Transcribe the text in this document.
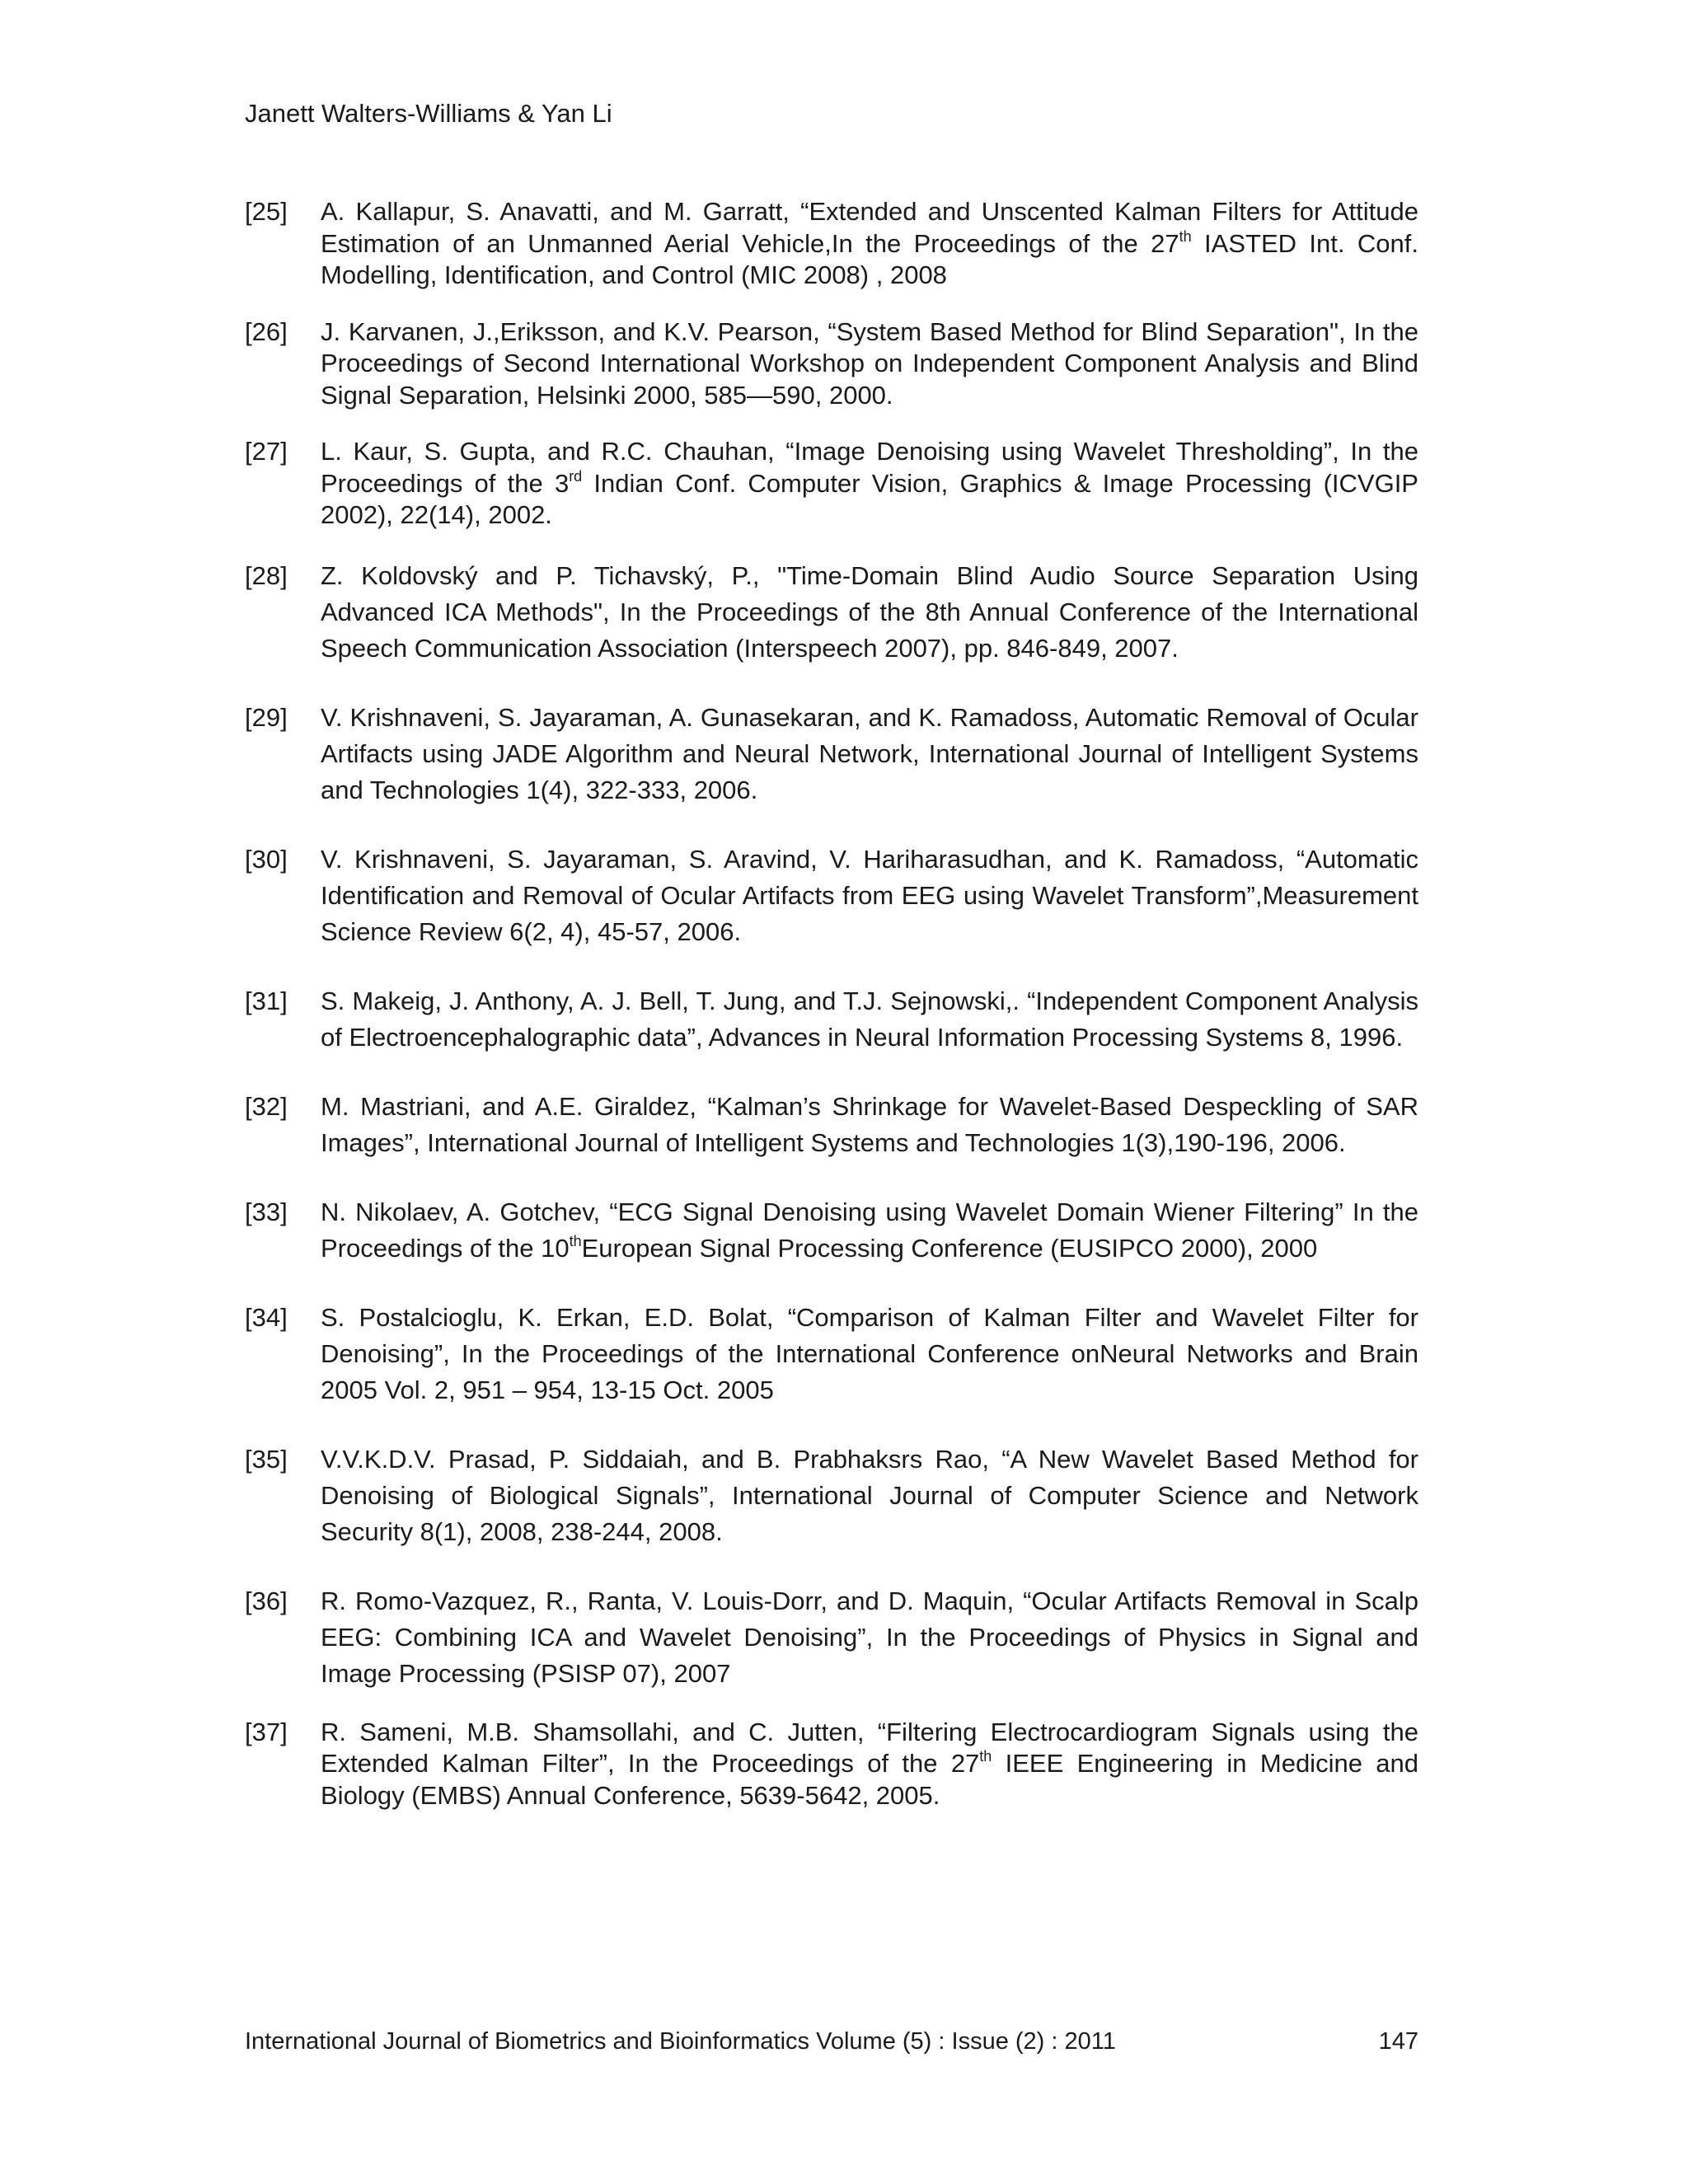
Janett Walters-Williams & Yan Li
[25] A. Kallapur, S. Anavatti, and M. Garratt, “Extended and Unscented Kalman Filters for Attitude Estimation of an Unmanned Aerial Vehicle,In the Proceedings of the 27th IASTED Int. Conf. Modelling, Identification, and Control (MIC 2008) , 2008
[26] J. Karvanen, J.,Eriksson, and K.V. Pearson, “System Based Method for Blind Separation", In the Proceedings of Second International Workshop on Independent Component Analysis and Blind Signal Separation, Helsinki 2000, 585—590, 2000.
[27] L. Kaur, S. Gupta, and R.C. Chauhan, “Image Denoising using Wavelet Thresholding”, In the Proceedings of the 3rd Indian Conf. Computer Vision, Graphics & Image Processing (ICVGIP 2002), 22(14), 2002.
[28] Z. Koldovský and P. Tichavský, P., "Time-Domain Blind Audio Source Separation Using Advanced ICA Methods", In the Proceedings of the 8th Annual Conference of the International Speech Communication Association (Interspeech 2007), pp. 846-849, 2007.
[29] V. Krishnaveni, S. Jayaraman, A. Gunasekaran, and K. Ramadoss, Automatic Removal of Ocular Artifacts using JADE Algorithm and Neural Network, International Journal of Intelligent Systems and Technologies 1(4), 322-333, 2006.
[30] V. Krishnaveni, S. Jayaraman, S. Aravind, V. Hariharasudhan, and K. Ramadoss, “Automatic Identification and Removal of Ocular Artifacts from EEG using Wavelet Transform”,Measurement Science Review 6(2, 4), 45-57, 2006.
[31] S. Makeig, J. Anthony, A. J. Bell, T. Jung, and T.J. Sejnowski,. “Independent Component Analysis of Electroencephalographic data”, Advances in Neural Information Processing Systems 8, 1996.
[32] M. Mastriani, and A.E. Giraldez, “Kalman’s Shrinkage for Wavelet-Based Despeckling of SAR Images”, International Journal of Intelligent Systems and Technologies 1(3),190-196, 2006.
[33] N. Nikolaev, A. Gotchev, “ECG Signal Denoising using Wavelet Domain Wiener Filtering” In the Proceedings of the 10thEuropean Signal Processing Conference (EUSIPCO 2000), 2000
[34] S. Postalcioglu, K. Erkan, E.D. Bolat, “Comparison of Kalman Filter and Wavelet Filter for Denoising”, In the Proceedings of the International Conference onNeural Networks and Brain 2005 Vol. 2, 951 – 954, 13-15 Oct. 2005
[35] V.V.K.D.V. Prasad, P. Siddaiah, and B. Prabhaksrs Rao, “A New Wavelet Based Method for Denoising of Biological Signals”, International Journal of Computer Science and Network Security 8(1), 2008, 238-244, 2008.
[36] R. Romo-Vazquez, R., Ranta, V. Louis-Dorr, and D. Maquin, “Ocular Artifacts Removal in Scalp EEG: Combining ICA and Wavelet Denoising”, In the Proceedings of Physics in Signal and Image Processing (PSISP 07), 2007
[37] R. Sameni, M.B. Shamsollahi, and C. Jutten, “Filtering Electrocardiogram Signals using the Extended Kalman Filter”, In the Proceedings of the 27th IEEE Engineering in Medicine and Biology (EMBS) Annual Conference, 5639-5642, 2005.
International Journal of Biometrics and Bioinformatics Volume (5) : Issue (2) : 2011	147
